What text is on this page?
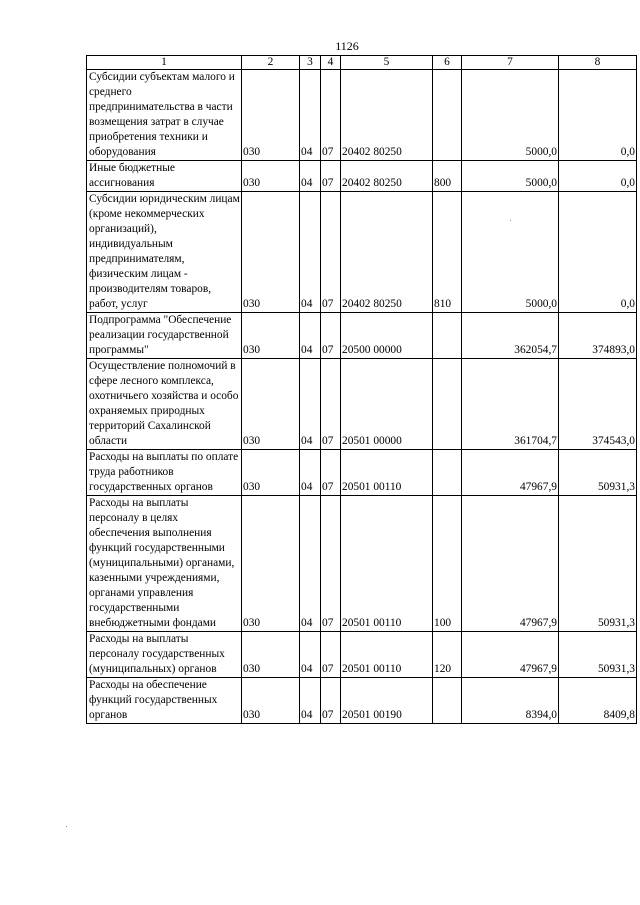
1126
1	2	3	4	5	6	7	8
Субсидии субъектам малого и среднего предпринимательства в части возмещения затрат в случае приобретения техники и оборудования	030	04	07	20402 80250		5000,0	0,0
Иные бюджетные ассигнования	030	04	07	20402 80250	800	5000,0	0,0
Субсидии юридическим лицам (кроме некоммерческих организаций), индивидуальным предпринимателям, физическим лицам - производителям товаров, работ, услуг	030	04	07	20402 80250	810	5000,0	0,0
Подпрограмма "Обеспечение реализации государственной программы"	030	04	07	20500 00000		362054,7	374893,0
Осуществление полномочий в сфере лесного комплекса, охотничьего хозяйства и особо охраняемых природных территорий Сахалинской области	030	04	07	20501 00000		361704,7	374543,0
Расходы на выплаты по оплате труда работников государственных органов	030	04	07	20501 00110		47967,9	50931,3
Расходы на выплаты персоналу в целях обеспечения выполнения функций государственными (муниципальными) органами, казенными учреждениями, органами управления государственными внебюджетными фондами	030	04	07	20501 00110	100	47967,9	50931,3
Расходы на выплаты персоналу государственных (муниципальных) органов	030	04	07	20501 00110	120	47967,9	50931,3
Расходы на обеспечение функций государственных органов	030	04	07	20501 00190		8394,0	8409,8
